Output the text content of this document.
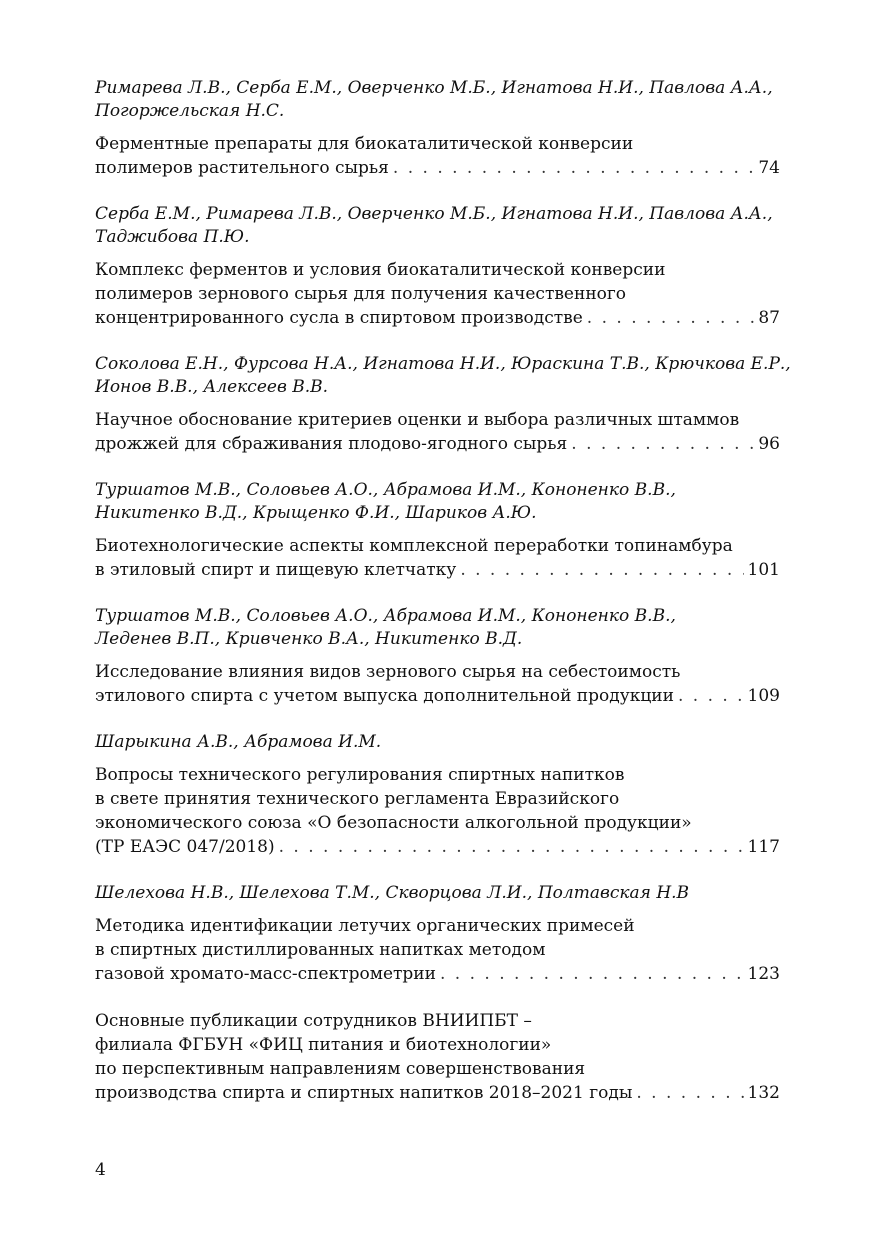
Римарева Л.В., Серба Е.М., Оверченко М.Б., Игнатова Н.И., Павлова А.А.,
Погоржельская Н.С.
Ферментные препараты для биокаталитической конверсии
полимеров растительного сырья . . .	74
Серба Е.М., Римарева Л.В., Оверченко М.Б., Игнатова Н.И., Павлова А.А.,
Таджибова П.Ю.
Комплекс ферментов и условия биокаталитической конверсии
полимеров зернового сырья для получения качественного
концентрированного сусла в спиртовом производстве . . .	87
Соколова Е.Н., Фурсова Н.А., Игнатова Н.И., Юраскина Т.В., Крючкова Е.Р.,
Ионов В.В., Алексеев В.В.
Научное обоснование критериев оценки и выбора различных штаммов
дрожжей для сбраживания плодово-ягодного сырья . . .	96
Туршатов М.В., Соловьев А.О., Абрамова И.М., Кононенко В.В.,
Никитенко В.Д., Крыщенко Ф.И., Шариков А.Ю.
Биотехнологические аспекты комплексной переработки топинамбура
в этиловый спирт и пищевую клетчатку . . .	101
Туршатов М.В., Соловьев А.О., Абрамова И.М., Кононенко В.В.,
Леденев В.П., Кривченко В.А., Никитенко В.Д.
Исследование влияния видов зернового сырья на себестоимость
этилового спирта с учетом выпуска дополнительной продукции . . .	109
Шарыкина А.В., Абрамова И.М.
Вопросы технического регулирования спиртных напитков
в свете принятия технического регламента Евразийского
экономического союза «О безопасности алкогольной продукции»
(ТР ЕАЭС 047/2018) . . .	117
Шелехова Н.В., Шелехова Т.М., Скворцова Л.И., Полтавская Н.В
Методика идентификации летучих органических примесей
в спиртных дистиллированных напитках методом
газовой хромато-масс-спектрометрии . . .	123
Основные публикации сотрудников ВНИИПБТ –
филиала ФГБУН «ФИЦ питания и биотехнологии»
по перспективным направлениям совершенствования
производства спирта и спиртных напитков 2018–2021 годы . . .	132
4
